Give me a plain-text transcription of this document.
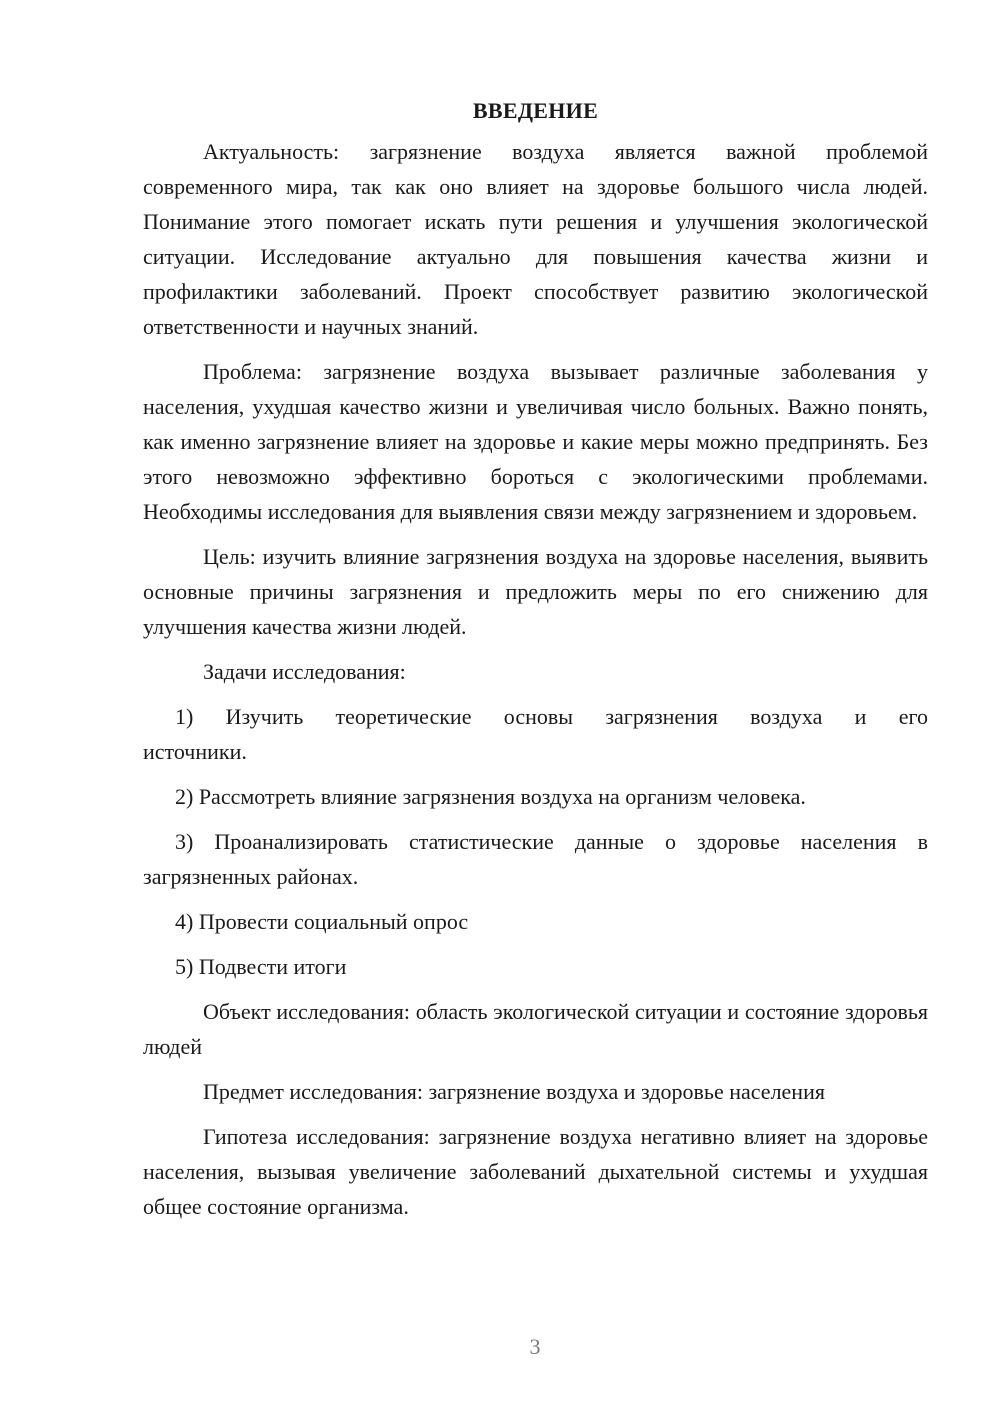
ВВЕДЕНИЕ

Актуальность: загрязнение воздуха является важной проблемой современного мира, так как оно влияет на здоровье большого числа людей. Понимание этого помогает искать пути решения и улучшения экологической ситуации. Исследование актуально для повышения качества жизни и профилактики заболеваний. Проект способствует развитию экологической ответственности и научных знаний.

Проблема: загрязнение воздуха вызывает различные заболевания у населения, ухудшая качество жизни и увеличивая число больных. Важно понять, как именно загрязнение влияет на здоровье и какие меры можно предпринять. Без этого невозможно эффективно бороться с экологическими проблемами. Необходимы исследования для выявления связи между загрязнением и здоровьем.

Цель: изучить влияние загрязнения воздуха на здоровье населения, выявить основные причины загрязнения и предложить меры по его снижению для улучшения качества жизни людей.

Задачи исследования:

1) Изучить теоретические основы загрязнения воздуха и его источники.

2) Рассмотреть влияние загрязнения воздуха на организм человека.

3) Проанализировать статистические данные о здоровье населения в загрязненных районах.

4) Провести социальный опрос

5) Подвести итоги

Объект исследования: область экологической ситуации и состояние здоровья людей

Предмет исследования: загрязнение воздуха и здоровье населения

Гипотеза исследования: загрязнение воздуха негативно влияет на здоровье населения, вызывая увеличение заболеваний дыхательной системы и ухудшая общее состояние организма.

3
